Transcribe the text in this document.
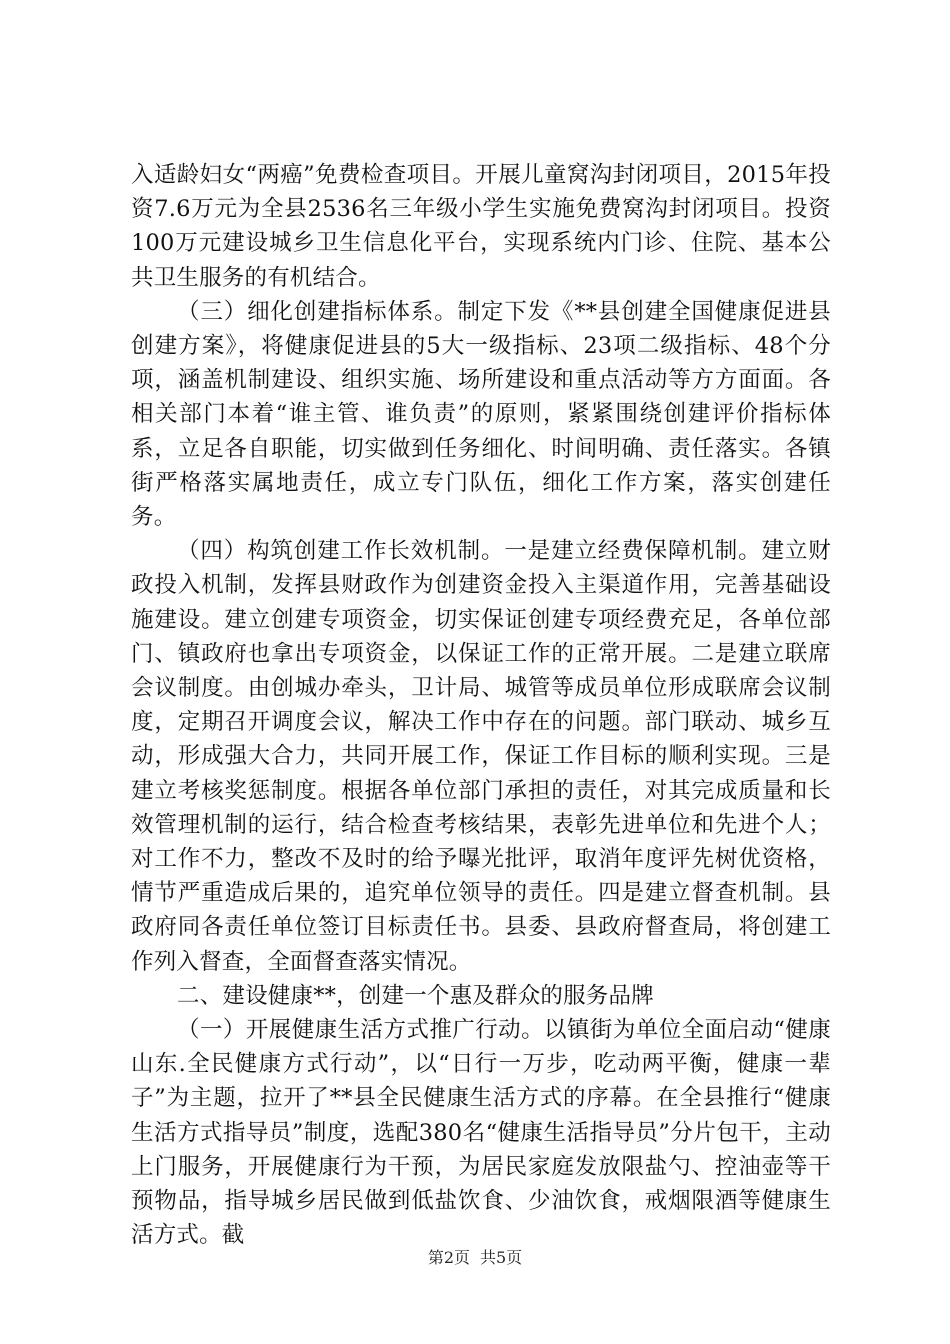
入适龄妇女“两癌”免费检查项目。开展儿童窝沟封闭项目，2015年投资7.6万元为全县2536名三年级小学生实施免费窝沟封闭项目。投资100万元建设城乡卫生信息化平台，实现系统内门诊、住院、基本公共卫生服务的有机结合。

（三）细化创建指标体系。制定下发《**县创建全国健康促进县创建方案》，将健康促进县的5大一级指标、23项二级指标、48个分项，涵盖机制建设、组织实施、场所建设和重点活动等方方面面。各相关部门本着“谁主管、谁负责”的原则，紧紧围绕创建评价指标体系，立足各自职能，切实做到任务细化、时间明确、责任落实。各镇街严格落实属地责任，成立专门队伍，细化工作方案，落实创建任务。

（四）构筑创建工作长效机制。一是建立经费保障机制。建立财政投入机制，发挥县财政作为创建资金投入主渠道作用，完善基础设施建设。建立创建专项资金，切实保证创建专项经费充足，各单位部门、镇政府也拿出专项资金，以保证工作的正常开展。二是建立联席会议制度。由创城办牵头，卫计局、城管等成员单位形成联席会议制度，定期召开调度会议，解决工作中存在的问题。部门联动、城乡互动，形成强大合力，共同开展工作，保证工作目标的顺利实现。三是建立考核奖惩制度。根据各单位部门承担的责任，对其完成质量和长效管理机制的运行，结合检查考核结果，表彰先进单位和先进个人；对工作不力，整改不及时的给予曝光批评，取消年度评先树优资格，情节严重造成后果的，追究单位领导的责任。四是建立督查机制。县政府同各责任单位签订目标责任书。县委、县政府督查局，将创建工作列入督查，全面督查落实情况。

二、建设健康**，创建一个惠及群众的服务品牌

（一）开展健康生活方式推广行动。以镇街为单位全面启动“健康山东.全民健康方式行动”，以“日行一万步，吃动两平衡，健康一辈子”为主题，拉开了**县全民健康生活方式的序幕。在全县推行“健康生活方式指导员”制度，选配380名“健康生活指导员”分片包干，主动上门服务，开展健康行为干预，为居民家庭发放限盐勺、控油壶等干预物品，指导城乡居民做到低盐饮食、少油饮食，戒烟限酒等健康生活方式。截

第2页 共5页
